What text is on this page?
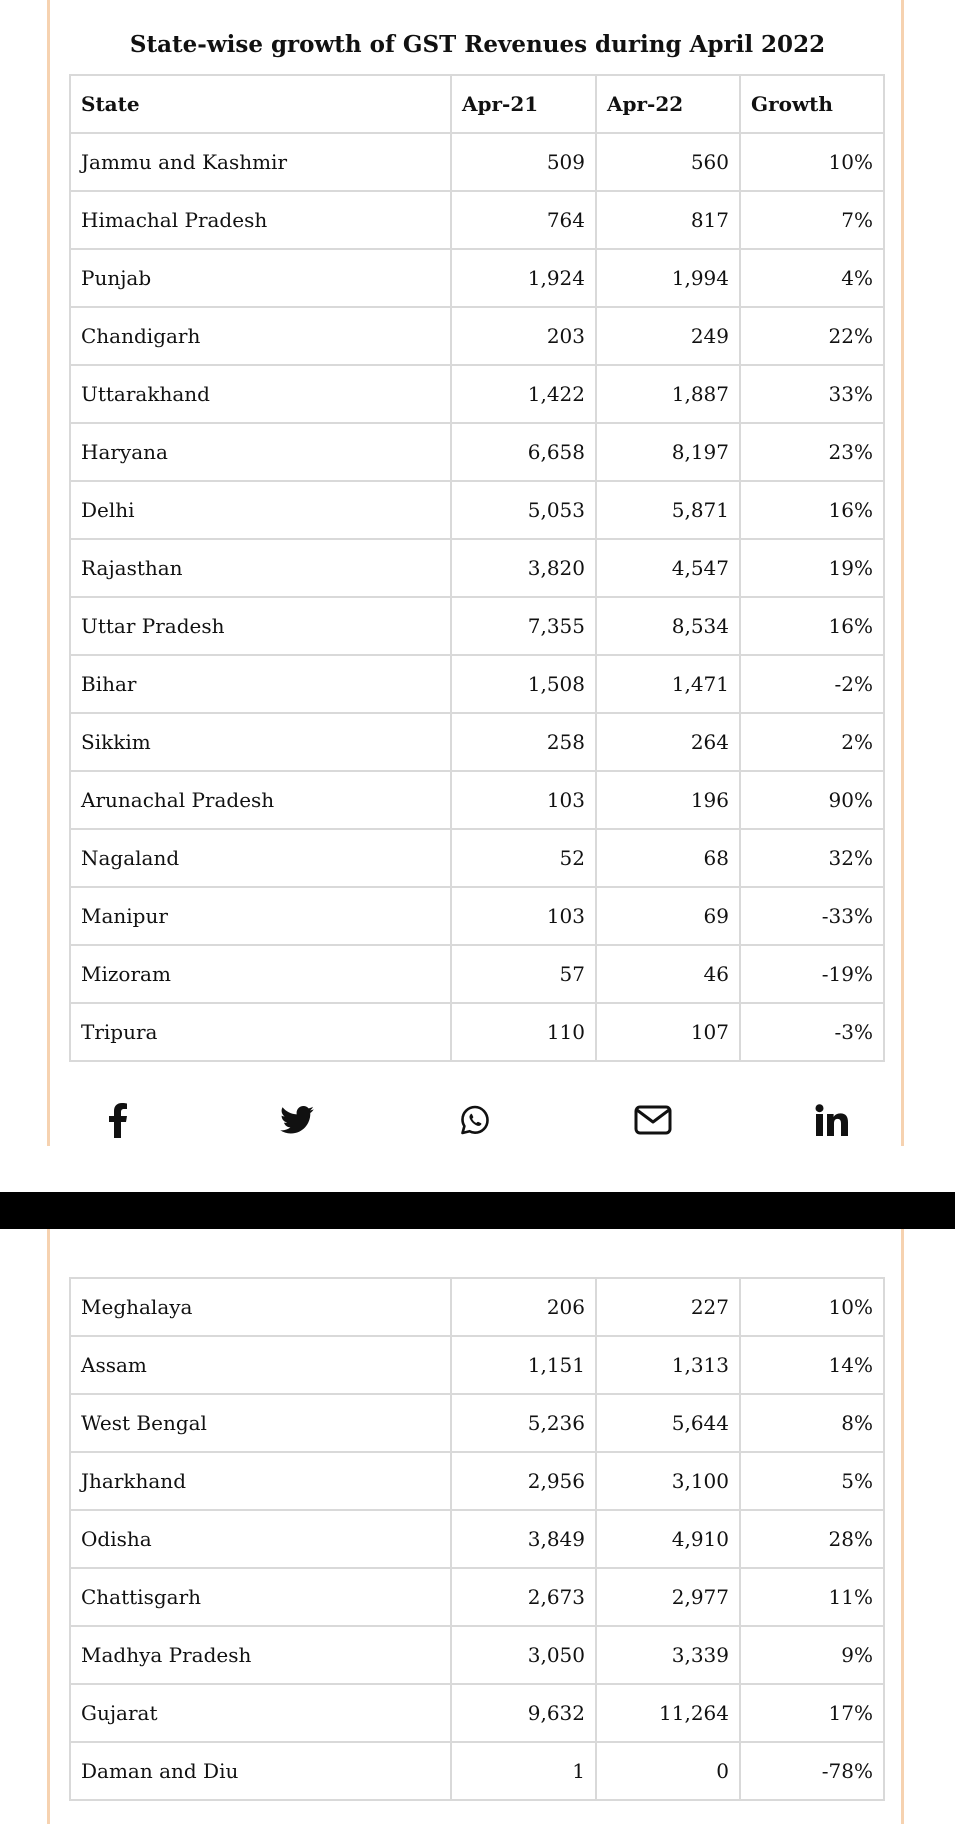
State-wise growth of GST Revenues during April 2022
State	Apr-21	Apr-22	Growth
Jammu and Kashmir	509	560	10%
Himachal Pradesh	764	817	7%
Punjab	1,924	1,994	4%
Chandigarh	203	249	22%
Uttarakhand	1,422	1,887	33%
Haryana	6,658	8,197	23%
Delhi	5,053	5,871	16%
Rajasthan	3,820	4,547	19%
Uttar Pradesh	7,355	8,534	16%
Bihar	1,508	1,471	-2%
Sikkim	258	264	2%
Arunachal Pradesh	103	196	90%
Nagaland	52	68	32%
Manipur	103	69	-33%
Mizoram	57	46	-19%
Tripura	110	107	-3%
Meghalaya	206	227	10%
Assam	1,151	1,313	14%
West Bengal	5,236	5,644	8%
Jharkhand	2,956	3,100	5%
Odisha	3,849	4,910	28%
Chattisgarh	2,673	2,977	11%
Madhya Pradesh	3,050	3,339	9%
Gujarat	9,632	11,264	17%
Daman and Diu	1	0	-78%
